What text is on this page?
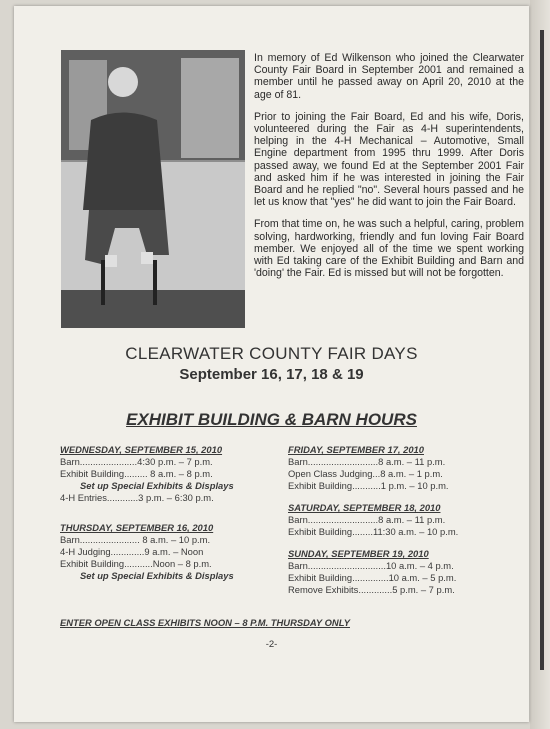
In memory of Ed Wilkenson who joined the Clearwater County Fair Board in September 2001 and remained a member until he passed away on April 20, 2010 at the age of 81.

Prior to joining the Fair Board, Ed and his wife, Doris, volunteered during the Fair as 4-H superintendents, helping in the 4-H Mechanical – Automotive, Small Engine department from 1995 thru 1999. After Doris passed away, we found Ed at the September 2001 Fair and asked him if he was interested in joining the Fair Board and he replied "no". Several hours passed and he let us know that "yes" he did want to join the Fair Board.

From that time on, he was such a helpful, caring, problem solving, hardworking, friendly and fun loving Fair Board member. We enjoyed all of the time we spent working with Ed taking care of the Exhibit Building and Barn and 'doing' the Fair. Ed is missed but will not be forgotten.

CLEARWATER COUNTY FAIR DAYS
September 16, 17, 18 & 19
EXHIBIT BUILDING & BARN HOURS
WEDNESDAY, SEPTEMBER 15, 2010
Barn......................4:30 p.m. – 7 p.m.
Exhibit Building......... 8 a.m. – 8 p.m.
Set up Special Exhibits & Displays
4-H Entries............3 p.m. – 6:30 p.m.
THURSDAY, SEPTEMBER 16, 2010
Barn....................... 8 a.m. – 10 p.m.
4-H Judging.............9 a.m. – Noon
Exhibit Building...........Noon – 8 p.m.
Set up Special Exhibits & Displays
FRIDAY, SEPTEMBER 17, 2010
Barn...........................8 a.m. – 11 p.m.
Open Class Judging...8 a.m. – 1 p.m.
Exhibit Building...........1 p.m. – 10 p.m.
SATURDAY, SEPTEMBER 18, 2010
Barn...........................8 a.m. – 11 p.m.
Exhibit Building........11:30 a.m. – 10 p.m.
SUNDAY, SEPTEMBER 19, 2010
Barn..............................10 a.m. – 4 p.m.
Exhibit Building..............10 a.m. – 5 p.m.
Remove Exhibits.............5 p.m. – 7 p.m.
ENTER OPEN CLASS EXHIBITS NOON – 8 P.M. THURSDAY ONLY
-2-
